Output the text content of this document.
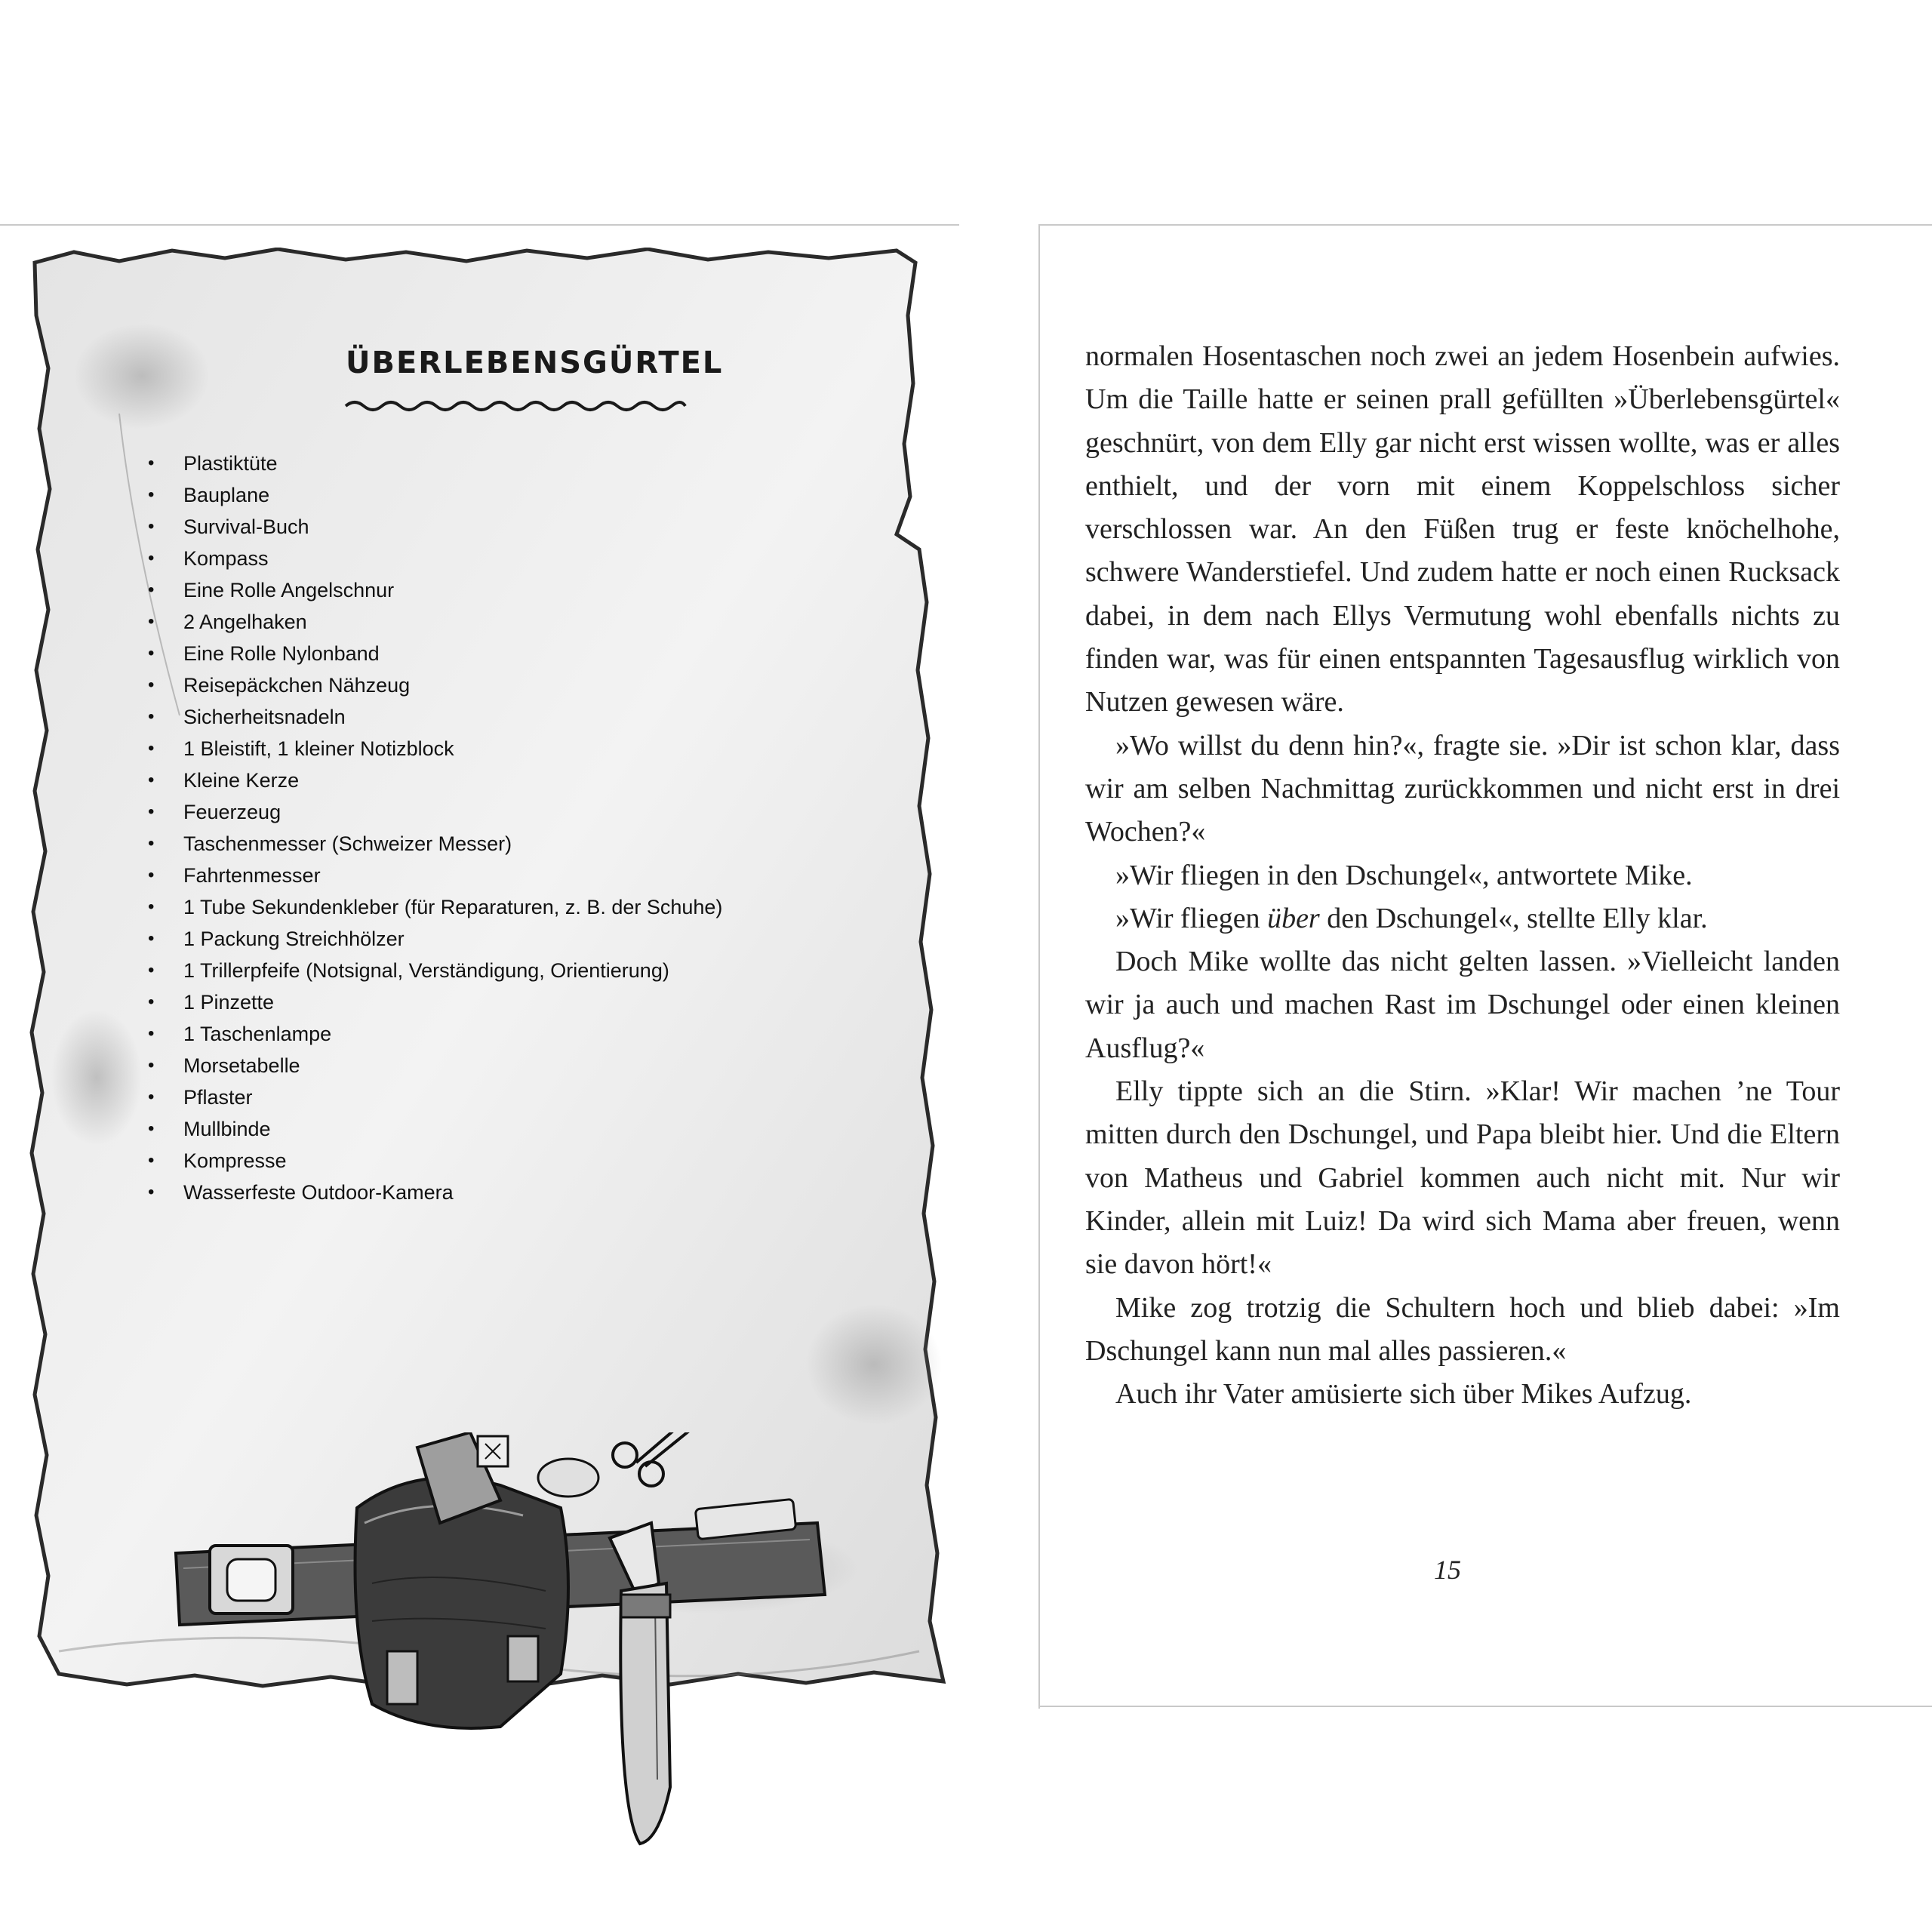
ÜBERLEBENSGÜRTEL
• Plastiktüte
• Bauplane
• Survival-Buch
• Kompass
• Eine Rolle Angelschnur
• 2 Angelhaken
• Eine Rolle Nylonband
• Reisepäckchen Nähzeug
• Sicherheitsnadeln
• 1 Bleistift, 1 kleiner Notizblock
• Kleine Kerze
• Feuerzeug
• Taschenmesser (Schweizer Messer)
• Fahrtenmesser
• 1 Tube Sekundenkleber (für Reparaturen, z. B. der Schuhe)
• 1 Packung Streichhölzer
• 1 Trillerpfeife (Notsignal, Verständigung, Orientierung)
• 1 Pinzette
• 1 Taschenlampe
• Morsetabelle
• Pflaster
• Mullbinde
• Kompresse
• Wasserfeste Outdoor-Kamera

normalen Hosentaschen noch zwei an jedem Hosenbein aufwies. Um die Taille hatte er seinen prall gefüllten »Überlebensgürtel« geschnürt, von dem Elly gar nicht erst wissen wollte, was er alles enthielt, und der vorn mit einem Koppelschloss sicher verschlossen war. An den Füßen trug er feste knöchelhohe, schwere Wanderstiefel. Und zudem hatte er noch einen Rucksack dabei, in dem nach Ellys Vermutung wohl ebenfalls nichts zu finden war, was für einen entspannten Tagesausflug wirklich von Nutzen gewesen wäre.

»Wo willst du denn hin?«, fragte sie. »Dir ist schon klar, dass wir am selben Nachmittag zurückkommen und nicht erst in drei Wochen?«

»Wir fliegen in den Dschungel«, antwortete Mike.

»Wir fliegen über den Dschungel«, stellte Elly klar.

Doch Mike wollte das nicht gelten lassen. »Vielleicht landen wir ja auch und machen Rast im Dschungel oder einen kleinen Ausflug?«

Elly tippte sich an die Stirn. »Klar! Wir machen ’ne Tour mitten durch den Dschungel, und Papa bleibt hier. Und die Eltern von Matheus und Gabriel kommen auch nicht mit. Nur wir Kinder, allein mit Luiz! Da wird sich Mama aber freuen, wenn sie davon hört!«

Mike zog trotzig die Schultern hoch und blieb dabei: »Im Dschungel kann nun mal alles passieren.«

Auch ihr Vater amüsierte sich über Mikes Aufzug.

15
